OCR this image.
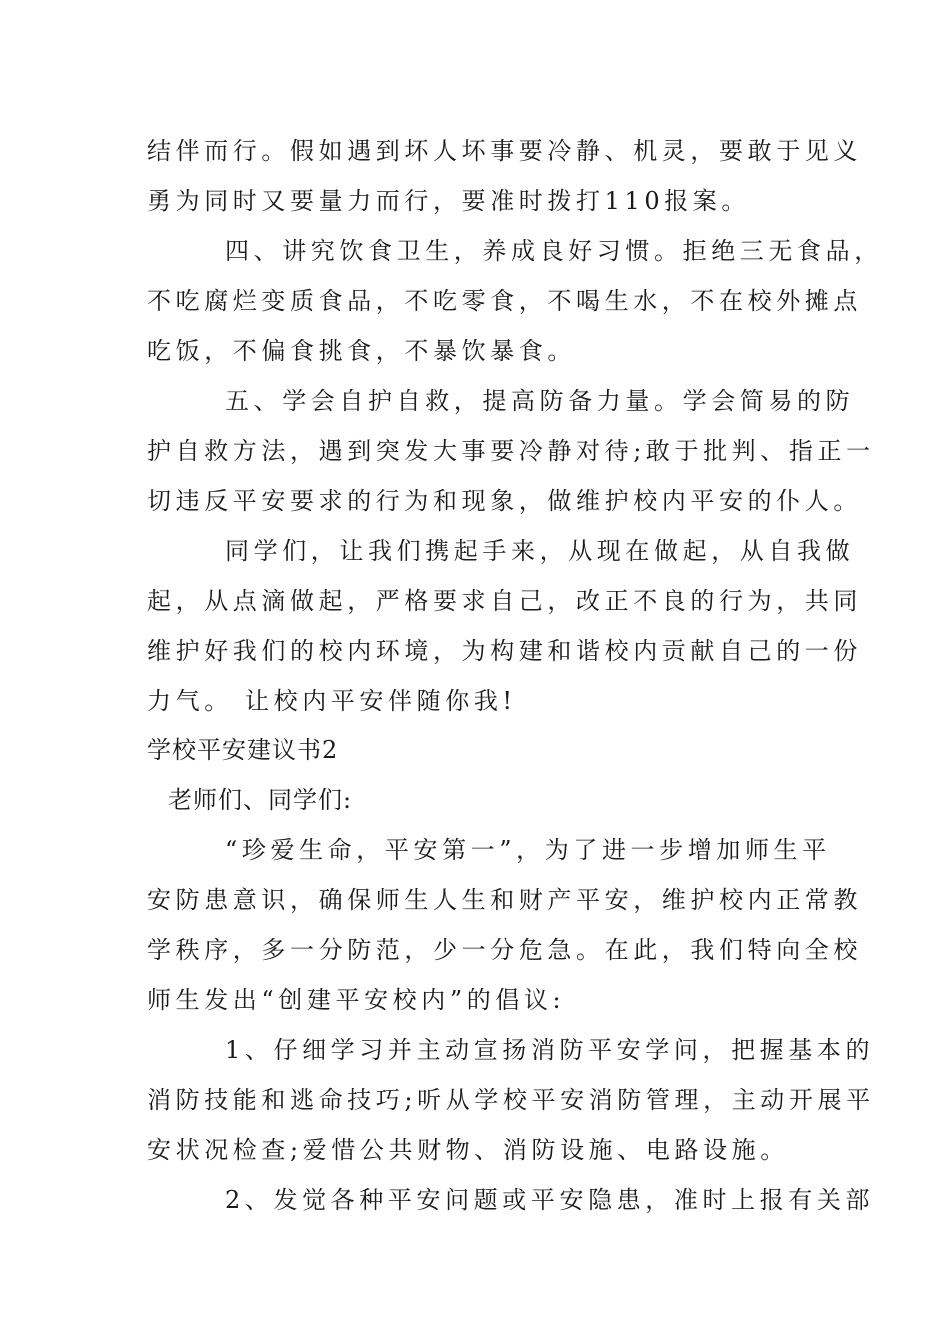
结伴而行。假如遇到坏人坏事要冷静、机灵，要敢于见义
勇为同时又要量力而行，要准时拨打110报案。
四、讲究饮食卫生，养成良好习惯。拒绝三无食品，
不吃腐烂变质食品，不吃零食，不喝生水，不在校外摊点
吃饭，不偏食挑食，不暴饮暴食。
五、学会自护自救，提高防备力量。学会简易的防
护自救方法，遇到突发大事要冷静对待;敢于批判、指正一
切违反平安要求的行为和现象，做维护校内平安的仆人。
同学们，让我们携起手来，从现在做起，从自我做
起，从点滴做起，严格要求自己，改正不良的行为，共同
维护好我们的校内环境，为构建和谐校内贡献自己的一份
力气。 让校内平安伴随你我!
学校平安建议书2
老师们、同学们:
“珍爱生命，平安第一”，为了进一步增加师生平
安防患意识，确保师生人生和财产平安，维护校内正常教
学秩序，多一分防范，少一分危急。在此，我们特向全校
师生发出“创建平安校内”的倡议:
1、仔细学习并主动宣扬消防平安学问，把握基本的
消防技能和逃命技巧;听从学校平安消防管理，主动开展平
安状况检查;爱惜公共财物、消防设施、电路设施。
2、发觉各种平安问题或平安隐患，准时上报有关部
